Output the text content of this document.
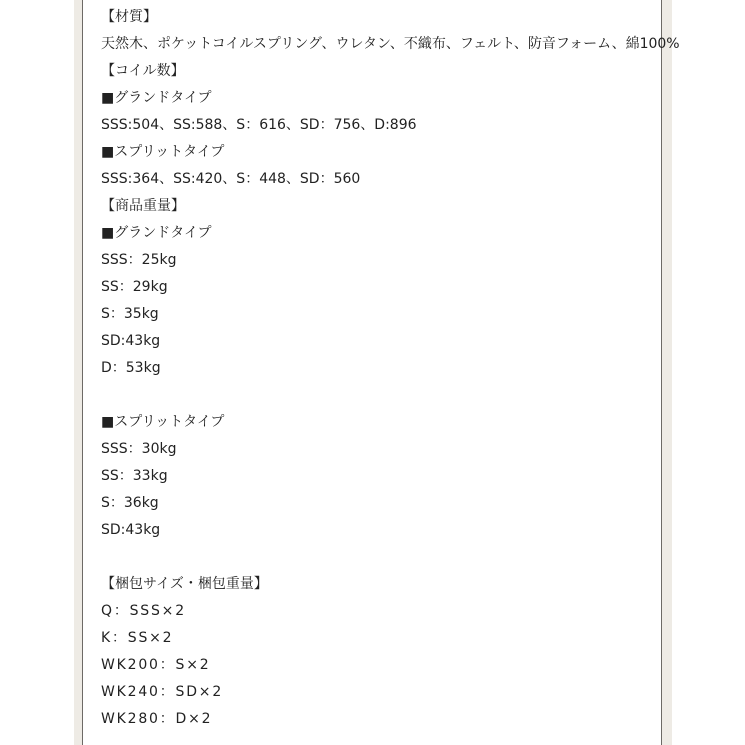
【材質】
天然木、ポケットコイルスプリング、ウレタン、不織布、フェルト、防音フォーム、綿100%
【コイル数】
■グランドタイプ
SSS:504、SS:588、S：616、SD：756、D:896
■スプリットタイプ
SSS:364、SS:420、S：448、SD：560
【商品重量】
■グランドタイプ
SSS：25kg
SS：29kg
S：35kg
SD:43kg
D：53kg
■スプリットタイプ
SSS：30kg
SS：33kg
S：36kg
SD:43kg
【梱包サイズ・梱包重量】
Q：SSS×2
K：SS×2
WK200：S×2
WK240：SD×2
WK280：D×2
